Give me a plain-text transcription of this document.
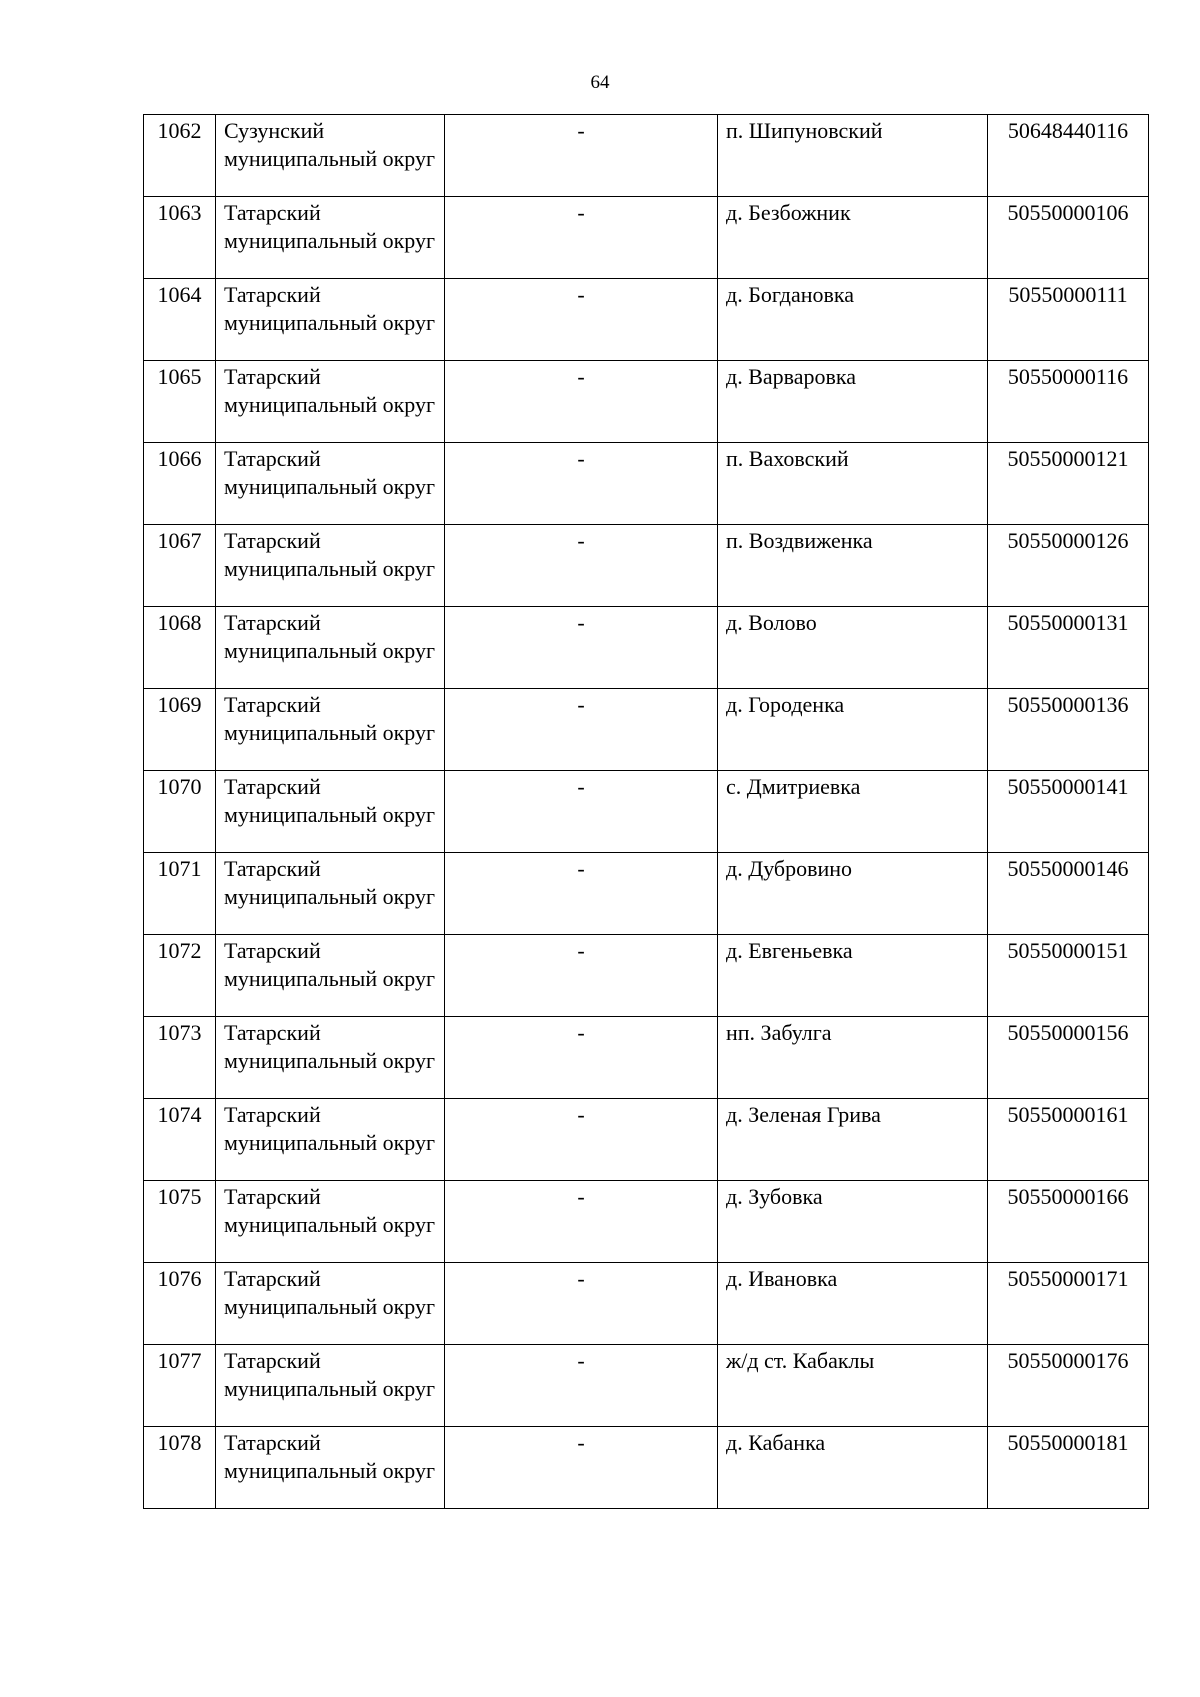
64
1062	Сузунский муниципальный округ	-	п. Шипуновский	50648440116
1063	Татарский муниципальный округ	-	д. Безбожник	50550000106
1064	Татарский муниципальный округ	-	д. Богдановка	50550000111
1065	Татарский муниципальный округ	-	д. Варваровка	50550000116
1066	Татарский муниципальный округ	-	п. Ваховский	50550000121
1067	Татарский муниципальный округ	-	п. Воздвиженка	50550000126
1068	Татарский муниципальный округ	-	д. Волово	50550000131
1069	Татарский муниципальный округ	-	д. Городенка	50550000136
1070	Татарский муниципальный округ	-	с. Дмитриевка	50550000141
1071	Татарский муниципальный округ	-	д. Дубровино	50550000146
1072	Татарский муниципальный округ	-	д. Евгеньевка	50550000151
1073	Татарский муниципальный округ	-	нп. Забулга	50550000156
1074	Татарский муниципальный округ	-	д. Зеленая Грива	50550000161
1075	Татарский муниципальный округ	-	д. Зубовка	50550000166
1076	Татарский муниципальный округ	-	д. Ивановка	50550000171
1077	Татарский муниципальный округ	-	ж/д ст. Кабаклы	50550000176
1078	Татарский муниципальный округ	-	д. Кабанка	50550000181
